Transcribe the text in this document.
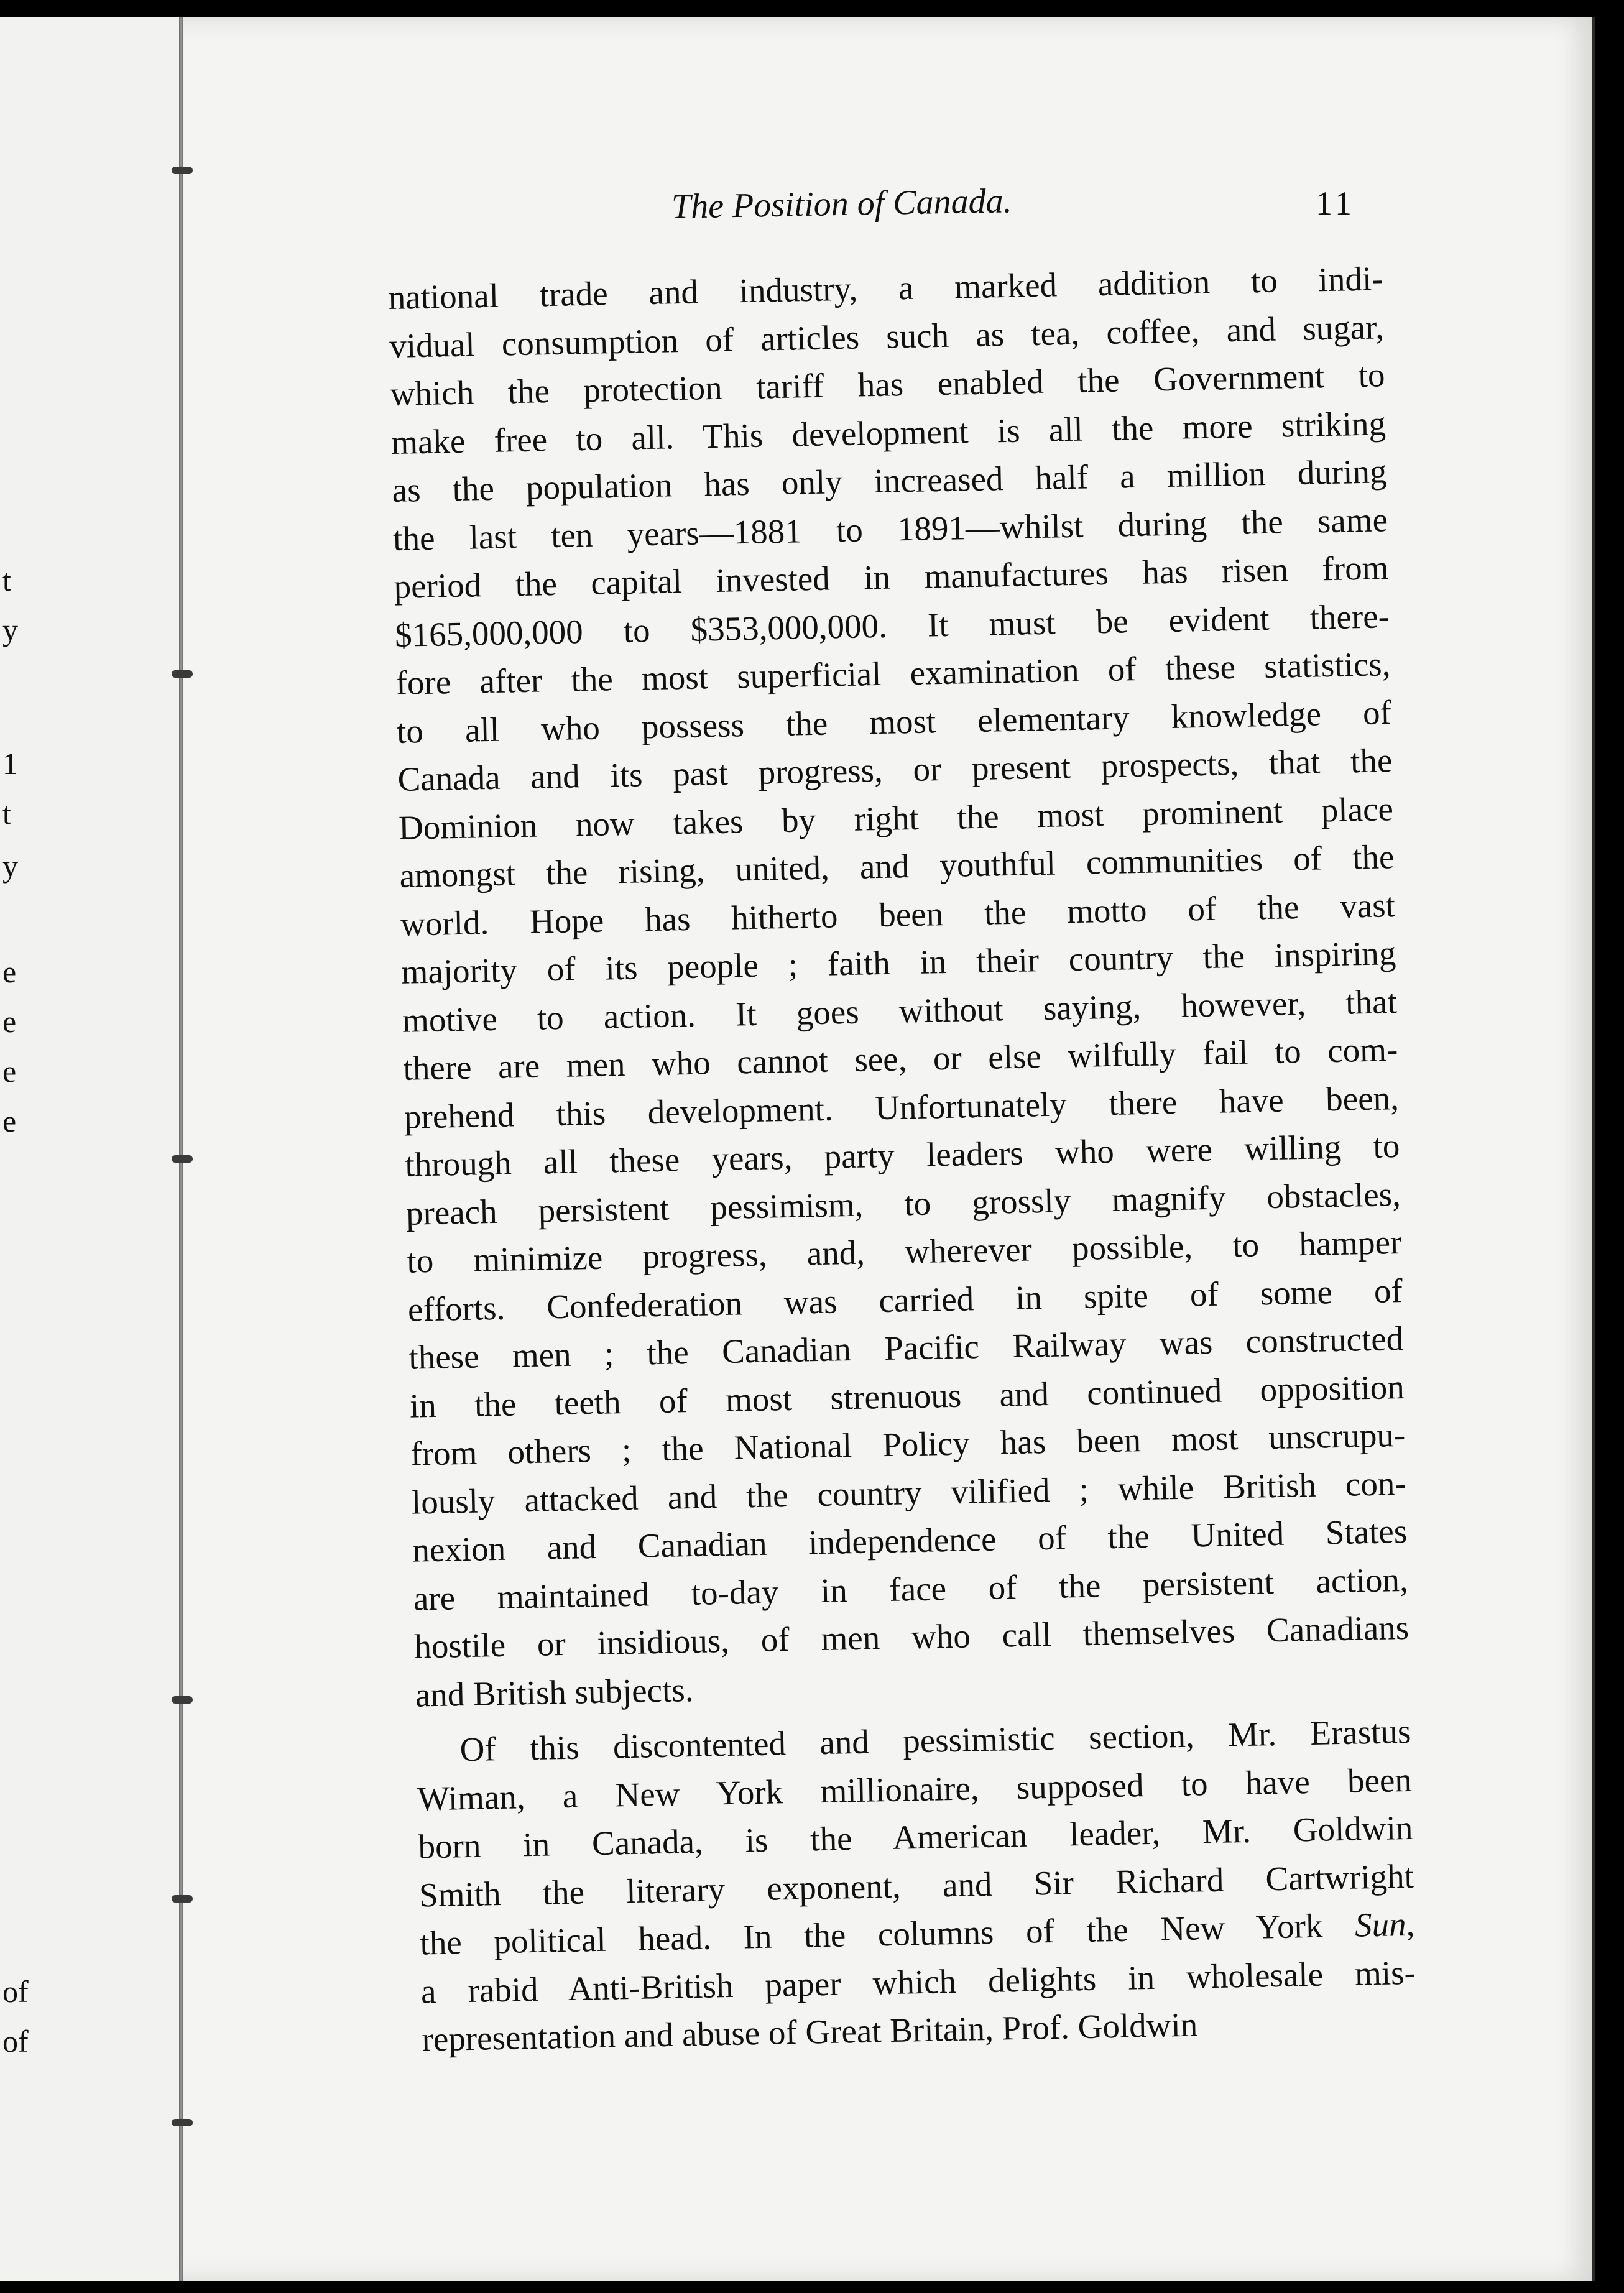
t
y
1
t
y
e
e
e
e
of
of
The Position of Canada.	11
national trade and industry, a marked addition to indi-
vidual consumption of articles such as tea, coffee, and sugar,
which the protection tariff has enabled the Government to
make free to all. This development is all the more striking
as the population has only increased half a million during
the last ten years—1881 to 1891—whilst during the same
period the capital invested in manufactures has risen from
$165,000,000 to $353,000,000. It must be evident there-
fore after the most superficial examination of these statistics,
to all who possess the most elementary knowledge of
Canada and its past progress, or present prospects, that the
Dominion now takes by right the most prominent place
amongst the rising, united, and youthful communities of the
world. Hope has hitherto been the motto of the vast
majority of its people ; faith in their country the inspiring
motive to action. It goes without saying, however, that
there are men who cannot see, or else wilfully fail to com-
prehend this development. Unfortunately there have been,
through all these years, party leaders who were willing to
preach persistent pessimism, to grossly magnify obstacles,
to minimize progress, and, wherever possible, to hamper
efforts. Confederation was carried in spite of some of
these men ; the Canadian Pacific Railway was constructed
in the teeth of most strenuous and continued opposition
from others ; the National Policy has been most unscrupu-
lously attacked and the country vilified ; while British con-
nexion and Canadian independence of the United States
are maintained to-day in face of the persistent action,
hostile or insidious, of men who call themselves Canadians
and British subjects.
Of this discontented and pessimistic section, Mr. Erastus
Wiman, a New York millionaire, supposed to have been
born in Canada, is the American leader, Mr. Goldwin
Smith the literary exponent, and Sir Richard Cartwright
the political head. In the columns of the New York Sun,
a rabid Anti-British paper which delights in wholesale mis-
representation and abuse of Great Britain, Prof. Goldwin
